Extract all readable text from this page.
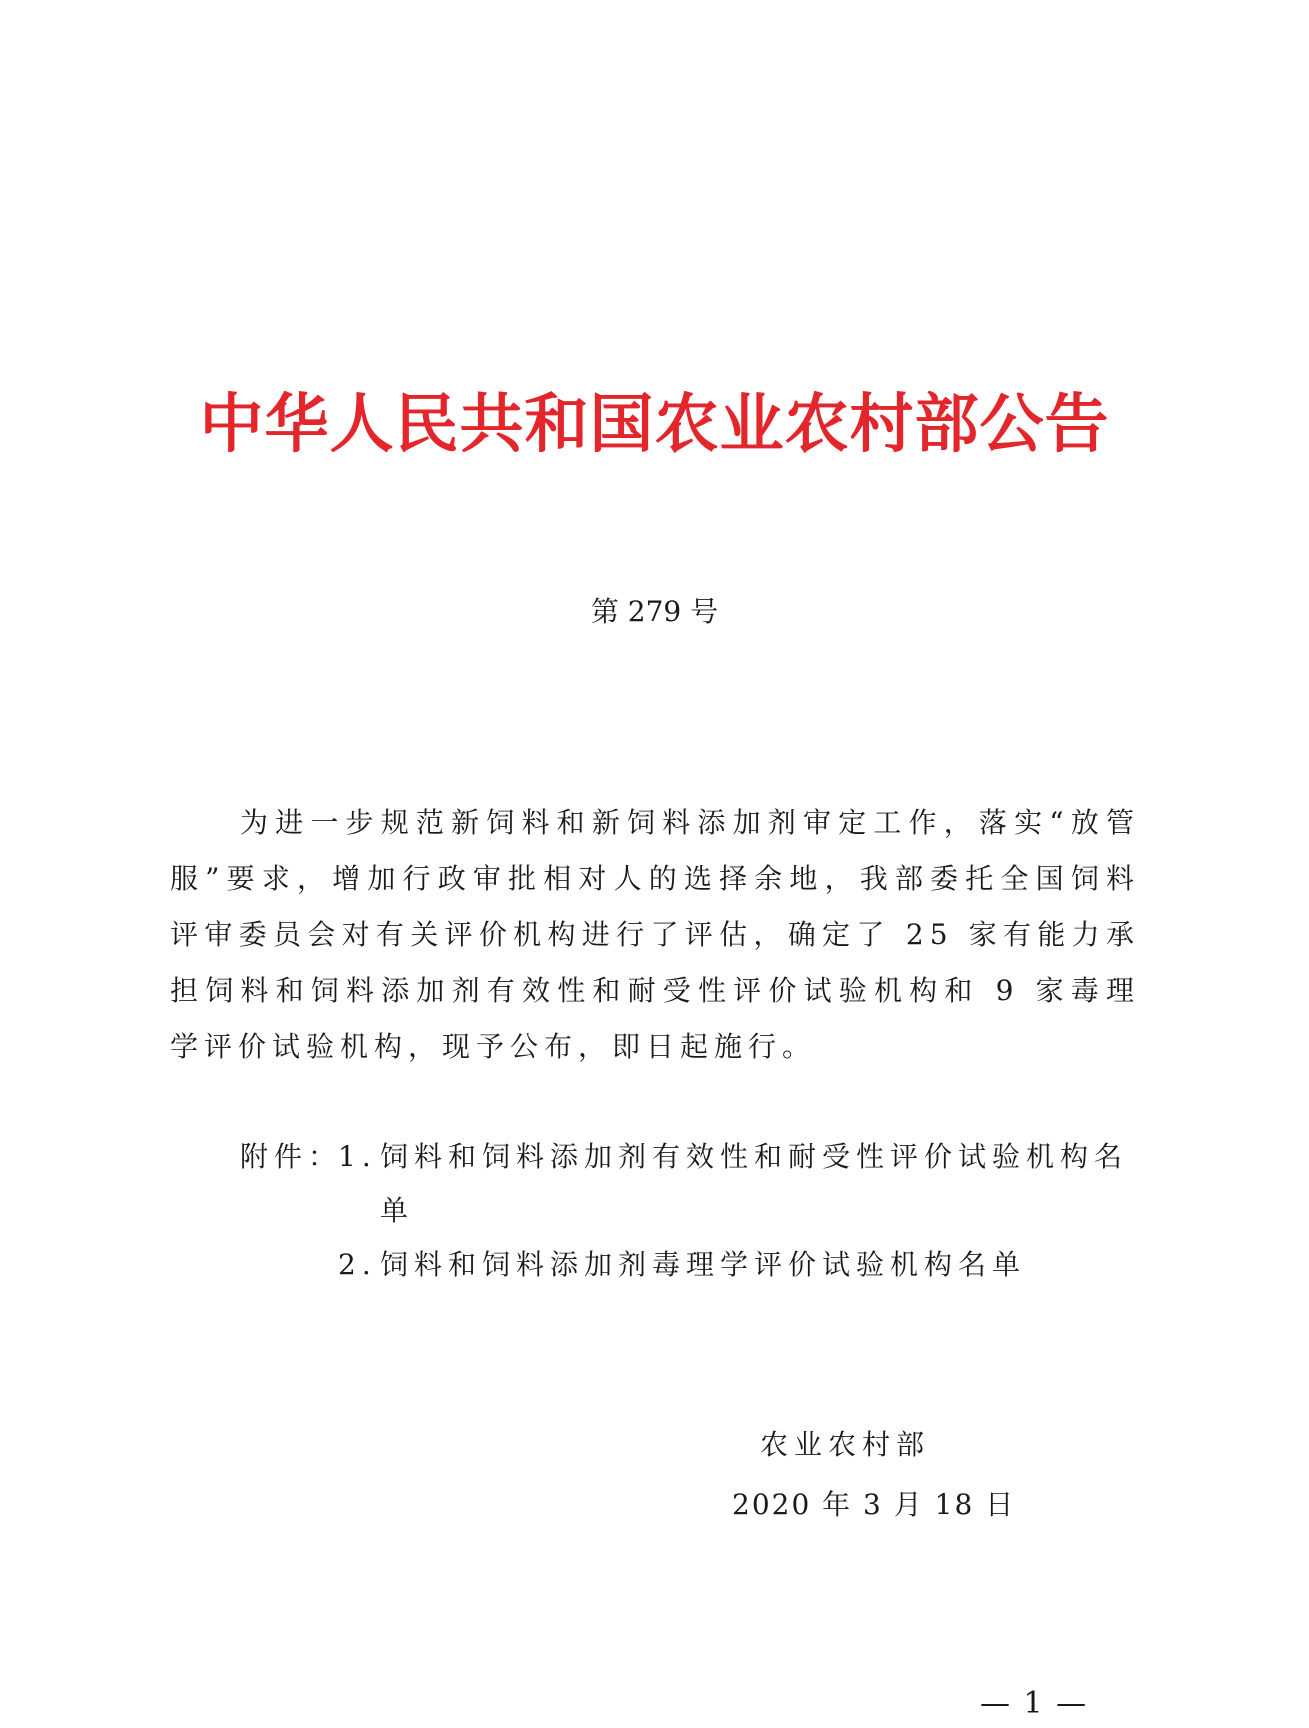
中华人民共和国农业农村部公告
第 279 号

为进一步规范新饲料和新饲料添加剂审定工作，落实“放管服”要求，增加行政审批相对人的选择余地，我部委托全国饲料评审委员会对有关评价机构进行了评估，确定了 25 家有能力承担饲料和饲料添加剂有效性和耐受性评价试验机构和 9 家毒理学评价试验机构，现予公布，即日起施行。

附件：
1. 饲料和饲料添加剂有效性和耐受性评价试验机构名单
2. 饲料和饲料添加剂毒理学评价试验机构名单
农业农村部
2020 年 3 月 18 日
— 1 —
